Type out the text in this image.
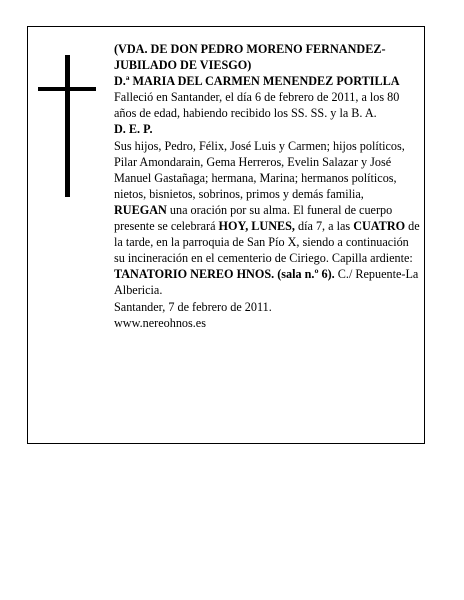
(VDA. DE DON PEDRO MORENO FERNANDEZ-JUBILADO DE VIESGO)

D.ª MARIA DEL CARMEN MENENDEZ PORTILLA

Falleció en Santander, el día 6 de febrero de 2011, a los 80 años de edad, habiendo recibido los SS. SS. y la B. A.

D. E. P.

Sus hijos, Pedro, Félix, José Luis y Carmen; hijos políticos, Pilar Amondarain, Gema Herreros, Evelin Salazar y José Manuel Gastañaga; hermana, Marina; hermanos políticos, nietos, bisnietos, sobrinos, primos y demás familia,

RUEGAN una oración por su alma. El funeral de cuerpo presente se celebrará HOY, LUNES, día 7, a las CUATRO de la tarde, en la parroquia de San Pío X, siendo a continuación su incineración en el cementerio de Ciriego. Capilla ardiente: TANATORIO NEREO HNOS. (sala n.º 6). C./ Repuente-La Albericia.

Santander, 7 de febrero de 2011.

www.nereohnos.es
